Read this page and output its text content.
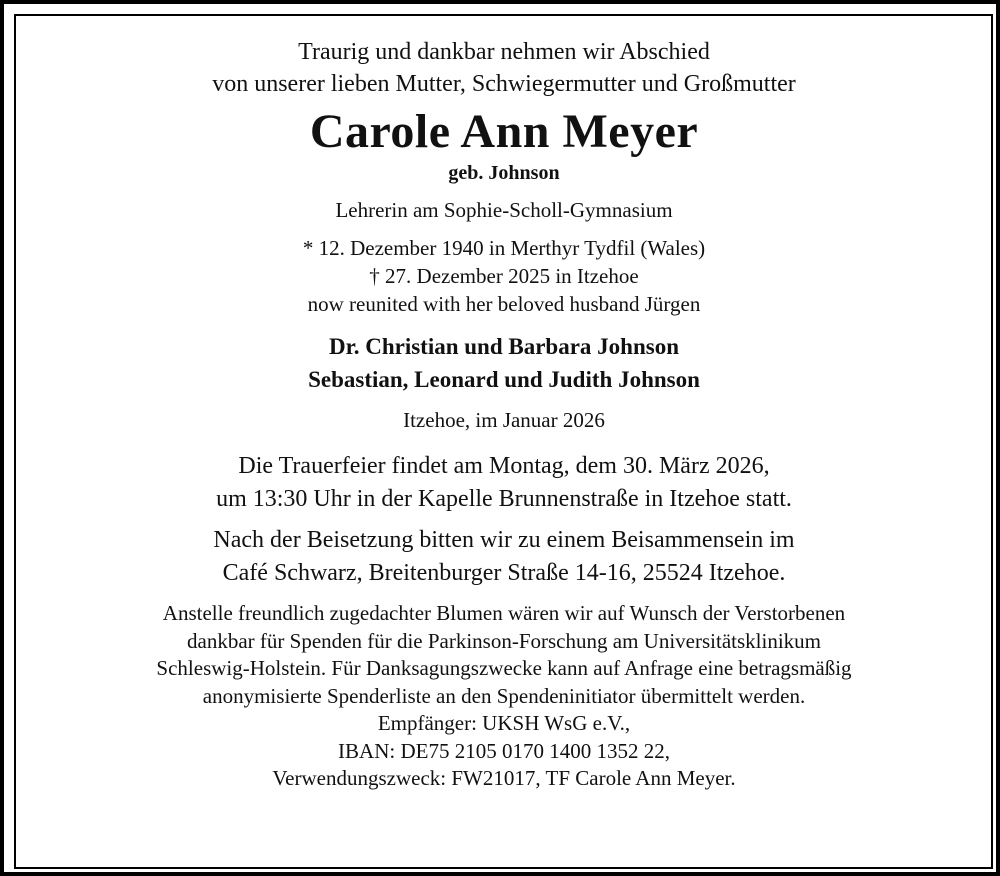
Traurig und dankbar nehmen wir Abschied
von unserer lieben Mutter, Schwiegermutter und Großmutter
Carole Ann Meyer
geb. Johnson
Lehrerin am Sophie-Scholl-Gymnasium
* 12. Dezember 1940 in Merthyr Tydfil (Wales)
† 27. Dezember 2025 in Itzehoe
now reunited with her beloved husband Jürgen
Dr. Christian und Barbara Johnson
Sebastian, Leonard und Judith Johnson
Itzehoe, im Januar 2026
Die Trauerfeier findet am Montag, dem 30. März 2026,
um 13:30 Uhr in der Kapelle Brunnenstraße in Itzehoe statt.
Nach der Beisetzung bitten wir zu einem Beisammensein im
Café Schwarz, Breitenburger Straße 14-16, 25524 Itzehoe.
Anstelle freundlich zugedachter Blumen wären wir auf Wunsch der Verstorbenen
dankbar für Spenden für die Parkinson-Forschung am Universitätsklinikum
Schleswig-Holstein. Für Danksagungszwecke kann auf Anfrage eine betragsmäßig
anonymisierte Spenderliste an den Spendeninitiator übermittelt werden.
Empfänger: UKSH WsG e.V.,
IBAN: DE75 2105 0170 1400 1352 22,
Verwendungszweck: FW21017, TF Carole Ann Meyer.
